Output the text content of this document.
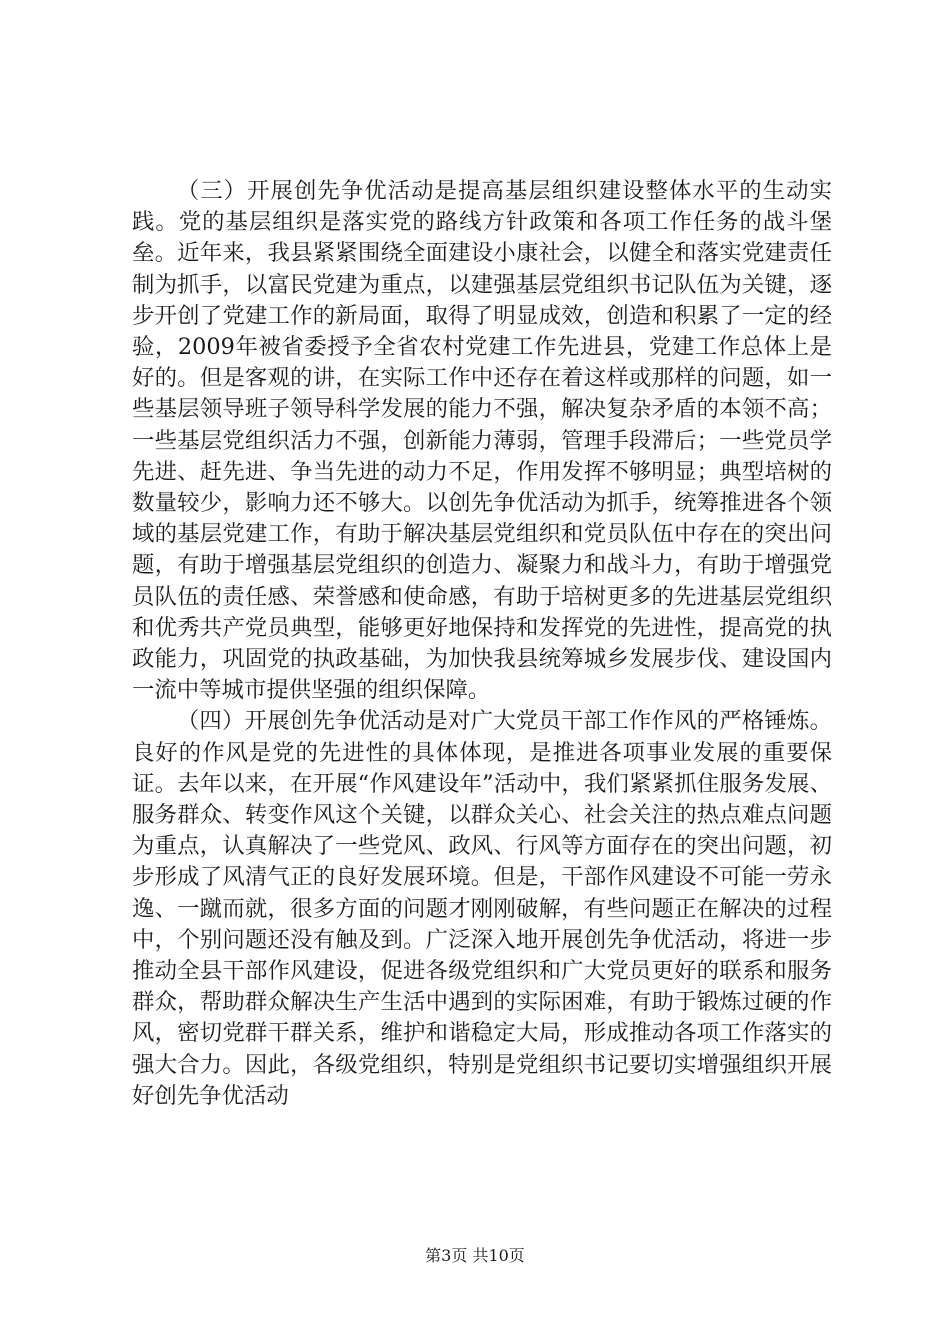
（三）开展创先争优活动是提高基层组织建设整体水平的生动实践。党的基层组织是落实党的路线方针政策和各项工作任务的战斗堡垒。近年来，我县紧紧围绕全面建设小康社会，以健全和落实党建责任制为抓手，以富民党建为重点，以建强基层党组织书记队伍为关键，逐步开创了党建工作的新局面，取得了明显成效，创造和积累了一定的经验，2009年被省委授予全省农村党建工作先进县，党建工作总体上是好的。但是客观的讲，在实际工作中还存在着这样或那样的问题，如一些基层领导班子领导科学发展的能力不强，解决复杂矛盾的本领不高；一些基层党组织活力不强，创新能力薄弱，管理手段滞后；一些党员学先进、赶先进、争当先进的动力不足，作用发挥不够明显；典型培树的数量较少，影响力还不够大。以创先争优活动为抓手，统筹推进各个领域的基层党建工作，有助于解决基层党组织和党员队伍中存在的突出问题，有助于增强基层党组织的创造力、凝聚力和战斗力，有助于增强党员队伍的责任感、荣誉感和使命感，有助于培树更多的先进基层党组织和优秀共产党员典型，能够更好地保持和发挥党的先进性，提高党的执政能力，巩固党的执政基础，为加快我县统筹城乡发展步伐、建设国内一流中等城市提供坚强的组织保障。

（四）开展创先争优活动是对广大党员干部工作作风的严格锤炼。良好的作风是党的先进性的具体体现，是推进各项事业发展的重要保证。去年以来，在开展“作风建设年”活动中，我们紧紧抓住服务发展、服务群众、转变作风这个关键，以群众关心、社会关注的热点难点问题为重点，认真解决了一些党风、政风、行风等方面存在的突出问题，初步形成了风清气正的良好发展环境。但是，干部作风建设不可能一劳永逸、一蹴而就，很多方面的问题才刚刚破解，有些问题正在解决的过程中，个别问题还没有触及到。广泛深入地开展创先争优活动，将进一步推动全县干部作风建设，促进各级党组织和广大党员更好的联系和服务群众，帮助群众解决生产生活中遇到的实际困难，有助于锻炼过硬的作风，密切党群干群关系，维护和谐稳定大局，形成推动各项工作落实的强大合力。因此，各级党组织，特别是党组织书记要切实增强组织开展好创先争优活动

第3页 共10页
